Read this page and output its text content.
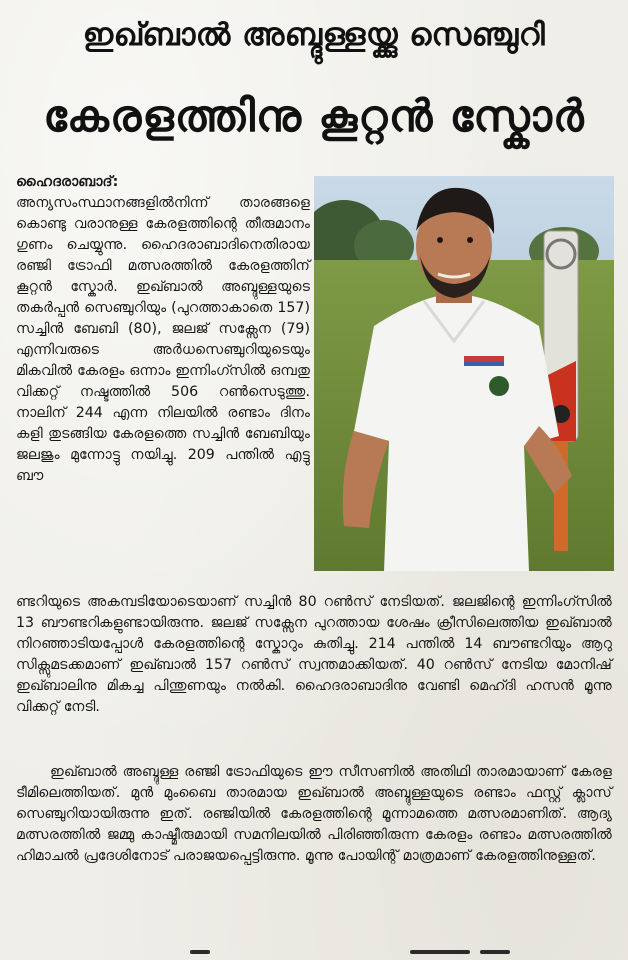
ഇഖ്ബാൽ അബ്ദുള്ളയ്ക്കു സെഞ്ചുറി
കേരളത്തിനു കൂറ്റൻ സ്കോർ
ഹൈദരാബാദ്: അന്യസംസ്ഥാനങ്ങളിൽനിന്ന് താരങ്ങളെ കൊണ്ടു വരാനുള്ള കേരളത്തിന്റെ തീരുമാനം ഗുണം ചെയ്യുന്നു. ഹൈദരാബാദിനെതിരായ രഞ്ജി ട്രോഫി മത്സരത്തിൽ കേരളത്തിന് കൂറ്റൻ സ്കോർ. ഇഖ്ബാൽ അബ്ദുള്ളയുടെ തകർപ്പൻ സെഞ്ചുറിയും (പുറത്താകാതെ 157) സച്ചിൻ ബേബി (80), ജലജ് സക്സേന (79) എന്നിവരുടെ അർധസെഞ്ചുറിയുടെയും മികവിൽ കേരളം ഒന്നാം ഇന്നിംഗ്സിൽ ഒമ്പതു വിക്കറ്റ് നഷ്ടത്തിൽ 506 റൺസെടുത്തു. നാലിന് 244 എന്ന നിലയിൽ രണ്ടാം ദിനം കളി തുടങ്ങിയ കേരളത്തെ സച്ചിൻ ബേബിയും ജലജും മുന്നോട്ടു നയിച്ചു. 209 പന്തിൽ എട്ടു ബൗ

ണ്ടറിയുടെ അകമ്പടിയോടെയാണ് സച്ചിൻ 80 റൺസ് നേടിയത്. ജലജിന്റെ ഇന്നിംഗ്സിൽ 13 ബൗണ്ടറികളുണ്ടായിരുന്നു. ജലജ് സക്സേന പുറത്തായ ശേഷം ക്രീസിലെത്തിയ ഇഖ്ബാൽ നിറഞ്ഞാടിയപ്പോൾ കേരളത്തിന്റെ സ്കോറും കുതിച്ചു. 214 പന്തിൽ 14 ബൗണ്ടറിയും ആറു സിക്സുമടക്കമാണ് ഇഖ്ബാൽ 157 റൺസ് സ്വന്തമാക്കിയത്. 40 റൺസ് നേടിയ മോനിഷ് ഇഖ്ബാലിനു മികച്ച പിന്തുണയും നൽകി. ഹൈദരാബാദിനു വേണ്ടി മെഹ്ദി ഹസൻ മൂന്നു വിക്കറ്റ് നേടി.

ഇഖ്ബാൽ അബ്ദുള്ള രഞ്ജി ട്രോഫിയുടെ ഈ സീസണിൽ അതിഥി താരമായാണ് കേരള ടീമിലെത്തിയത്. മുൻ മുംബൈ താരമായ ഇഖ്ബാൽ അബ്ദുള്ളയുടെ രണ്ടാം ഫസ്റ്റ് ക്ലാസ് സെഞ്ചുറിയായിരുന്നു ഇത്. രഞ്ജിയിൽ കേരളത്തിന്റെ മൂന്നാമത്തെ മത്സരമാണിത്. ആദ്യ മത്സരത്തിൽ ജമ്മു കാഷ്മീരുമായി സമനിലയിൽ പിരിഞ്ഞിരുന്ന കേരളം രണ്ടാം മത്സരത്തിൽ ഹിമാചൽ പ്രദേശിനോട് പരാജയപ്പെട്ടിരുന്നു. മൂന്നു പോയിന്റ് മാത്രമാണ് കേരളത്തിനുള്ളത്.
